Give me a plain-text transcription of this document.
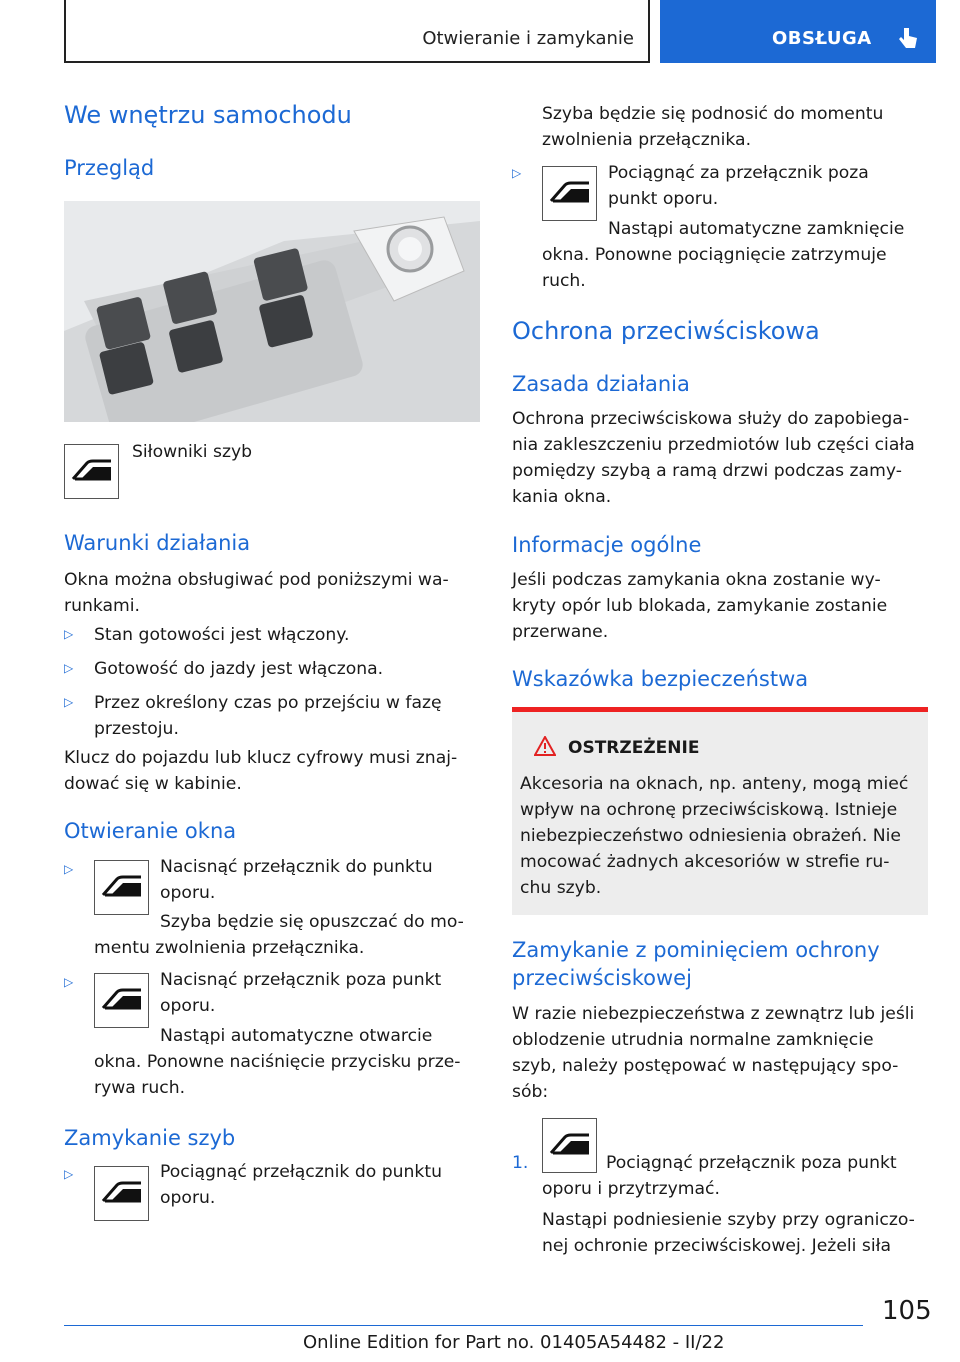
Otwieranie i zamykanie	OBSŁUGA
We wnętrzu samochodu
Przegląd
Siłowniki szyb
Warunki działania
Okna można obsługiwać pod poniższymi wa-
runkami.
▷ Stan gotowości jest włączony.
▷ Gotowość do jazdy jest włączona.
▷ Przez określony czas po przejściu w fazę
przestoju.
Klucz do pojazdu lub klucz cyfrowy musi znaj-
dować się w kabinie.
Otwieranie okna
▷	Nacisnąć przełącznik do punktu
oporu.
Szyba będzie się opuszczać do mo-
mentu zwolnienia przełącznika.
▷	Nacisnąć przełącznik poza punkt
oporu.
Nastąpi automatyczne otwarcie
okna. Ponowne naciśnięcie przycisku prze-
rywa ruch.
Zamykanie szyb
▷	Pociągnąć przełącznik do punktu
oporu.
Szyba będzie się podnosić do momentu
zwolnienia przełącznika.
▷	Pociągnąć za przełącznik poza
punkt oporu.
Nastąpi automatyczne zamknięcie
okna. Ponowne pociągnięcie zatrzymuje
ruch.
Ochrona przeciwściskowa
Zasada działania
Ochrona przeciwściskowa służy do zapobiega-
nia zakleszczeniu przedmiotów lub części ciała
pomiędzy szybą a ramą drzwi podczas zamy-
kania okna.
Informacje ogólne
Jeśli podczas zamykania okna zostanie wy-
kryty opór lub blokada, zamykanie zostanie
przerwane.
Wskazówka bezpieczeństwa
OSTRZEŻENIE
Akcesoria na oknach, np. anteny, mogą mieć
wpływ na ochronę przeciwściskową. Istnieje
niebezpieczeństwo odniesienia obrażeń. Nie
mocować żadnych akcesoriów w strefie ru-
chu szyb.
Zamykanie z pominięciem ochrony
przeciwściskowej
W razie niebezpieczeństwa z zewnątrz lub jeśli
oblodzenie utrudnia normalne zamknięcie
szyb, należy postępować w następujący spo-
sób:
1.	Pociągnąć przełącznik poza punkt
oporu i przytrzymać.
Nastąpi podniesienie szyby przy ograniczo-
nej ochronie przeciwściskowej. Jeżeli siła
105
Online Edition for Part no. 01405A54482 - II/22
